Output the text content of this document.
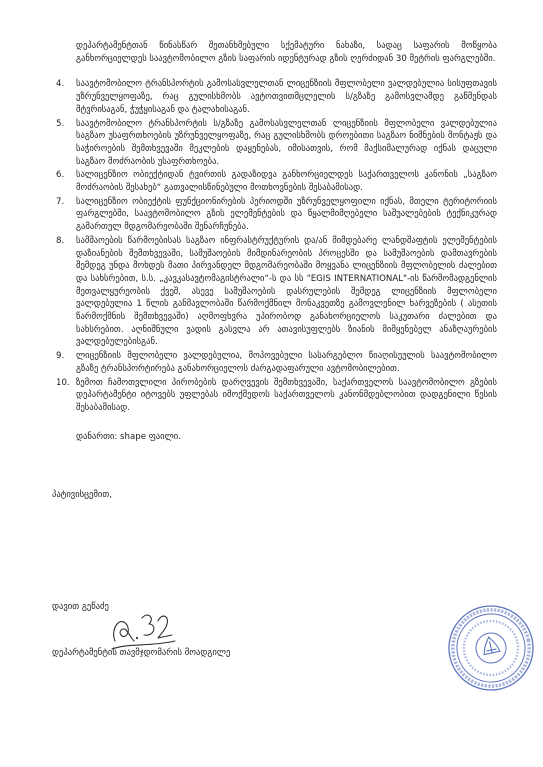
დეპარტამენტთან წინასწარ შეთანხმებული სქემატური ნახაზი, სადაც საფარის მოწყობა განხორციელდეს საავტომობილო გზის საფარის იდენტურად გზის ღერძიდან 30 მეტრის ფარგლებში.
4.	საავტომობილო ტრანსპორტის გამოსასვლელთან ლიცენზიის მფლობელი ვალდებულია სისუფთავის უზრუნველყოფაზე, რაც გულისხმობს ავტოთვითმცლელის ს/გზაზე გამოსვლამდე გაწმენდას მტვრისაგან, ჭუჭყისაგან და ტალახისაგან.
5.	საავტომობილო ტრანსპორტის ს/გზაზე გამოსასვლელთან ლიცენზიის მფლობელი ვალდებულია საგზაო უსაფრთხოების უზრუნველყოფაზე, რაც გულისხმობს დროებითი საგზაო ნიშნების მონტაჟს და საჭიროების შემთხვევაში მეკლების დაყენებას, იმისათვის, რომ მაქსიმალურად იქნას დაცული საგზაო მოძრაობის უსაფრთხოება.
6.	სალიცენზიო ობიექტიდან ტვირთის გადაზიდვა განხორციელდეს საქართველოს კანონის „საგზაო მოძრაობის შესახებ“ გათვალისწინებული მოთხოვნების შესაბამისად.
7.	სალიცენზიო ობიექტის ფუნქციონირების პერიოდში უზრუნველყოფილი იქნას, მთელი ტერიტორიის ფარგლებში, საავტომობილო გზის ელემენტების და წყალმიმღებელი საშუალებების ტექნიკურად გამართულ მდგომარეობაში შენარჩუნება.
8.	სამშაოების წარმოებისას საგზაო ინფრასტრუქტურის და/ან მიმდებარე ლანდშაფტის ელემენტების დაზიანების შემთხვევაში, სამუშაოების მიმდინარეობის პროცესში და სამუშაოების დამთავრების შემდეგ უნდა მოხდეს მათი პირვანდელ მდგომარეობაში მოყვანა ლიცენზიის მფლობელის ძალებით და სახსრებით, ს.ს. „კავკასავტომაგისტრალი“-ს და სს "EGIS INTERNATIONAL"-ის წარმომადგენლის მეთვალყურეობის ქვეშ, ასევე სამუშაოების დასრულების შემდეგ ლიცენზიის მფლობელი ვალდებულია 1 წლის განმავლობაში წარმოქმნილ მონაკვეთზე გამოვლენილ ხარვეზების ( ასეთის წარმოქმნის შემთხვევაში) აღმოფხვრა უპირობოდ განახორციელოს საკუთარი ძალებით და სახსრებით. აღნიშნული ვადის გასვლა არ ათავისუფლებს ზიანის მიმყენებელ ანაზღაურების ვალდებულებისგან.
9.	ლიცენზიის მფლობელი ვალდებულია, მოპოვებული სასარგებლო წიაღისეულის საავტომობილო გზაზე ტრანსპორტირება განახორციელოს ძარგადაფარული ავტომობილებით.
10. ზემოთ ჩამოთვლილი პირობების დარღვევის შემთხვევაში, საქართველოს საავტომობილო გზების დეპარტამენტი იტოვებს უფლებას იმოქმედოს საქართველოს კანონმდებლობით დადგენილი წესის შესაბამისად.
დანართი: shape ფაილი.
პატივისცემით,
დავით გეწაძე
დეპარტამენტის თავმჯდომარის მოადგილე
